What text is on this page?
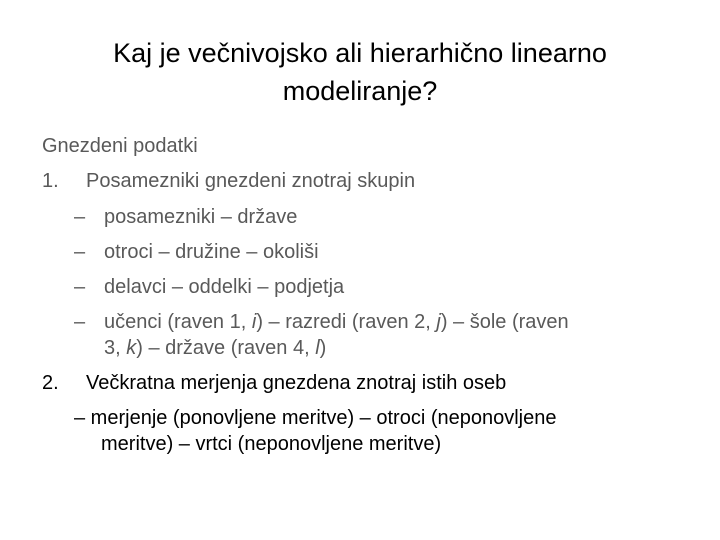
Kaj je večnivojsko ali hierarhično linearno
modeliranje?
Gnezdeni podatki
1. Posamezniki gnezdeni znotraj skupin
– posamezniki – države
– otroci – družine – okoliši
– delavci – oddelki – podjetja
– učenci (raven 1, i) – razredi (raven 2, j) – šole (raven
3, k) – države (raven 4, l)
2. Večkratna merjenja gnezdena znotraj istih oseb
– merjenje (ponovljene meritve) – otroci (neponovljene
meritve) – vrtci (neponovljene meritve)
